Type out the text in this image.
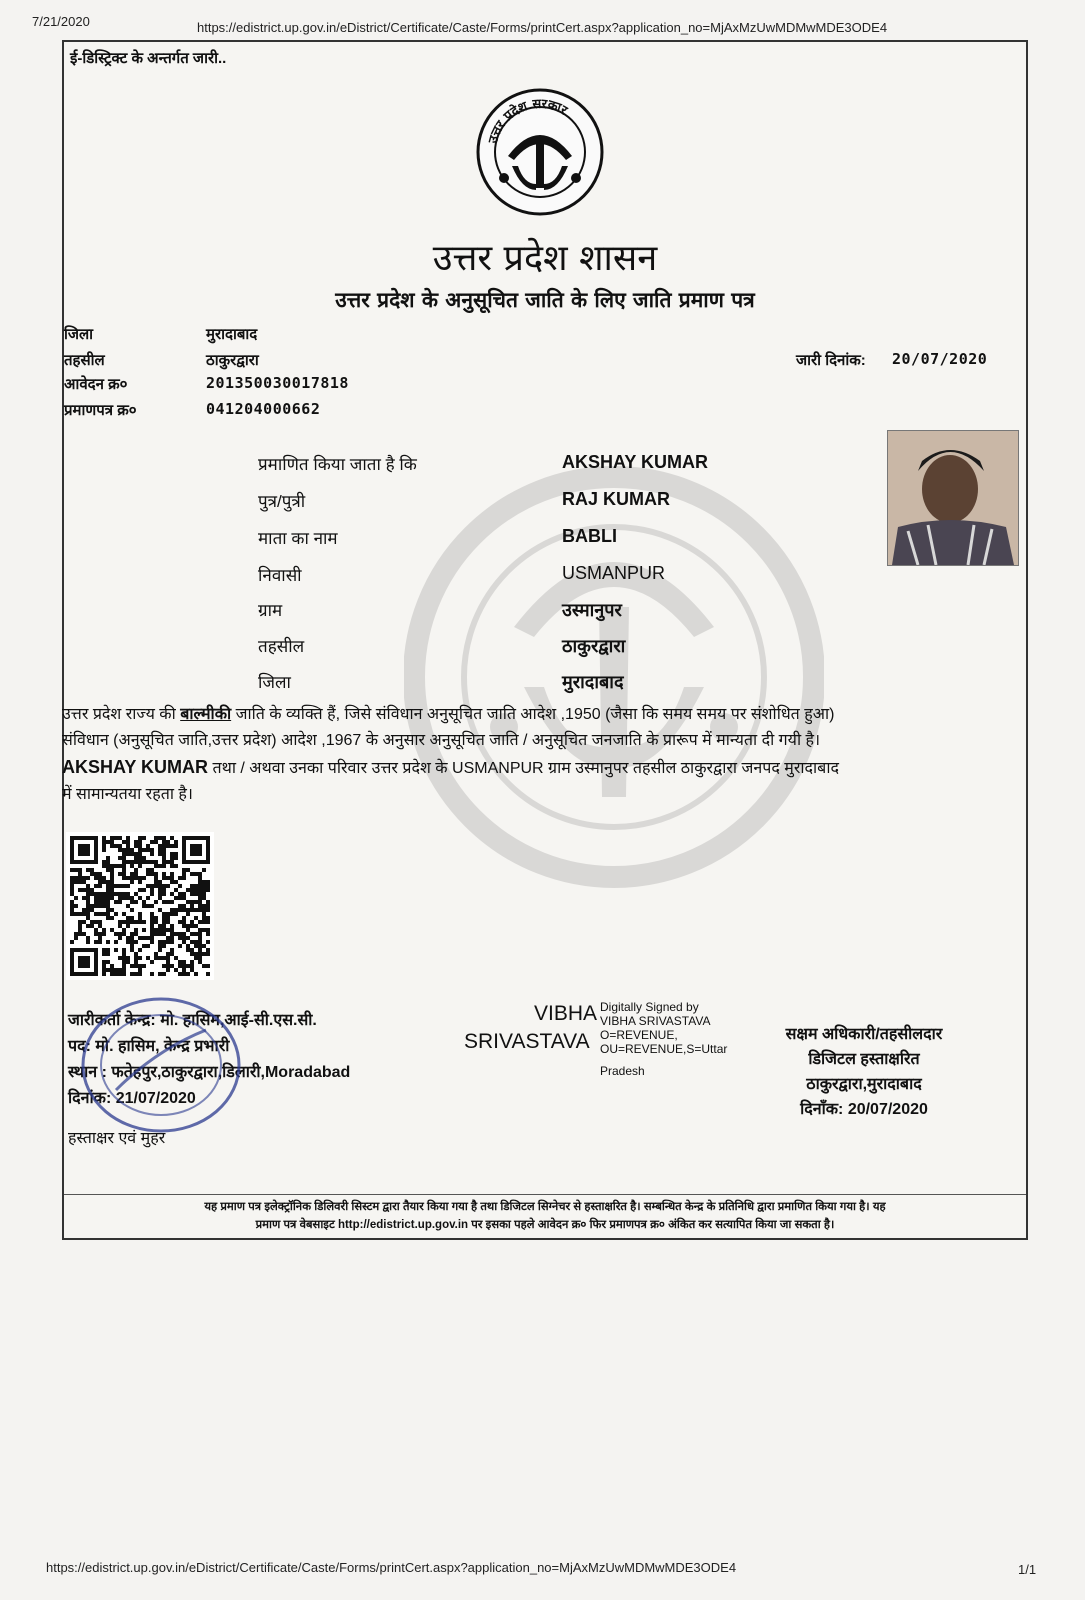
7/21/2020	https://edistrict.up.gov.in/eDistrict/Certificate/Caste/Forms/printCert.aspx?application_no=MjAxMzUwMDMwMDE3ODE4
ई-डिस्ट्रिक्ट के अन्तर्गत जारी..
उत्तर प्रदेश सरकार
उत्तर प्रदेश शासन
उत्तर प्रदेश के अनुसूचित जाति के लिए जाति प्रमाण पत्र
जिला	मुरादाबाद
तहसील	ठाकुरद्वारा
आवेदन क्र०	201350030017818
प्रमाणपत्र क्र०	041204000662
जारी दिनांक: 20/07/2020
प्रमाणित किया जाता है कि	AKSHAY KUMAR
पुत्र/पुत्री	RAJ KUMAR
माता का नाम	BABLI
निवासी	USMANPUR
ग्राम	उस्मानुपर
तहसील	ठाकुरद्वारा
जिला	मुरादाबाद
उत्तर प्रदेश राज्य की बाल्मीकी जाति के व्यक्ति हैं, जिसे संविधान अनुसूचित जाति आदेश ,1950 (जैसा कि समय समय पर संशोधित हुआ)
संविधान (अनुसूचित जाति,उत्तर प्रदेश) आदेश ,1967 के अनुसार अनुसूचित जाति / अनुसूचित जनजाति के प्रारूप में मान्यता दी गयी है।
AKSHAY KUMAR तथा / अथवा उनका परिवार उत्तर प्रदेश के USMANPUR ग्राम उस्मानुपर तहसील ठाकुरद्वारा जनपद मुरादाबाद
में सामान्यतया रहता है।
जारीकर्ता केन्द्र: मो. हासिम,आई-सी.एस.सी.
पद: मो. हासिम, केन्द्र प्रभारी
स्थान : फतेहपुर,ठाकुरद्वारा,डिलारी,Moradabad
दिनांक: 21/07/2020
हस्ताक्षर एवं मुहर
VIBHA
SRIVASTAVA
Digitally Signed by
VIBHA SRIVASTAVA
O=REVENUE,
OU=REVENUE,S=Uttar
Pradesh
सक्षम अधिकारी/तहसीलदार
डिजिटल हस्ताक्षरित
ठाकुरद्वारा,मुरादाबाद
दिनाँक: 20/07/2020
यह प्रमाण पत्र इलेक्ट्रॉनिक डिलिवरी सिस्टम द्वारा तैयार किया गया है तथा डिजिटल सिग्नेचर से हस्ताक्षरित है। सम्बन्धित केन्द्र के प्रतिनिधि द्वारा प्रमाणित किया गया है। यह
प्रमाण पत्र वेबसाइट http://edistrict.up.gov.in पर इसका पहले आवेदन क्र० फिर प्रमाणपत्र क्र० अंकित कर सत्यापित किया जा सकता है।
https://edistrict.up.gov.in/eDistrict/Certificate/Caste/Forms/printCert.aspx?application_no=MjAxMzUwMDMwMDE3ODE4	1/1
